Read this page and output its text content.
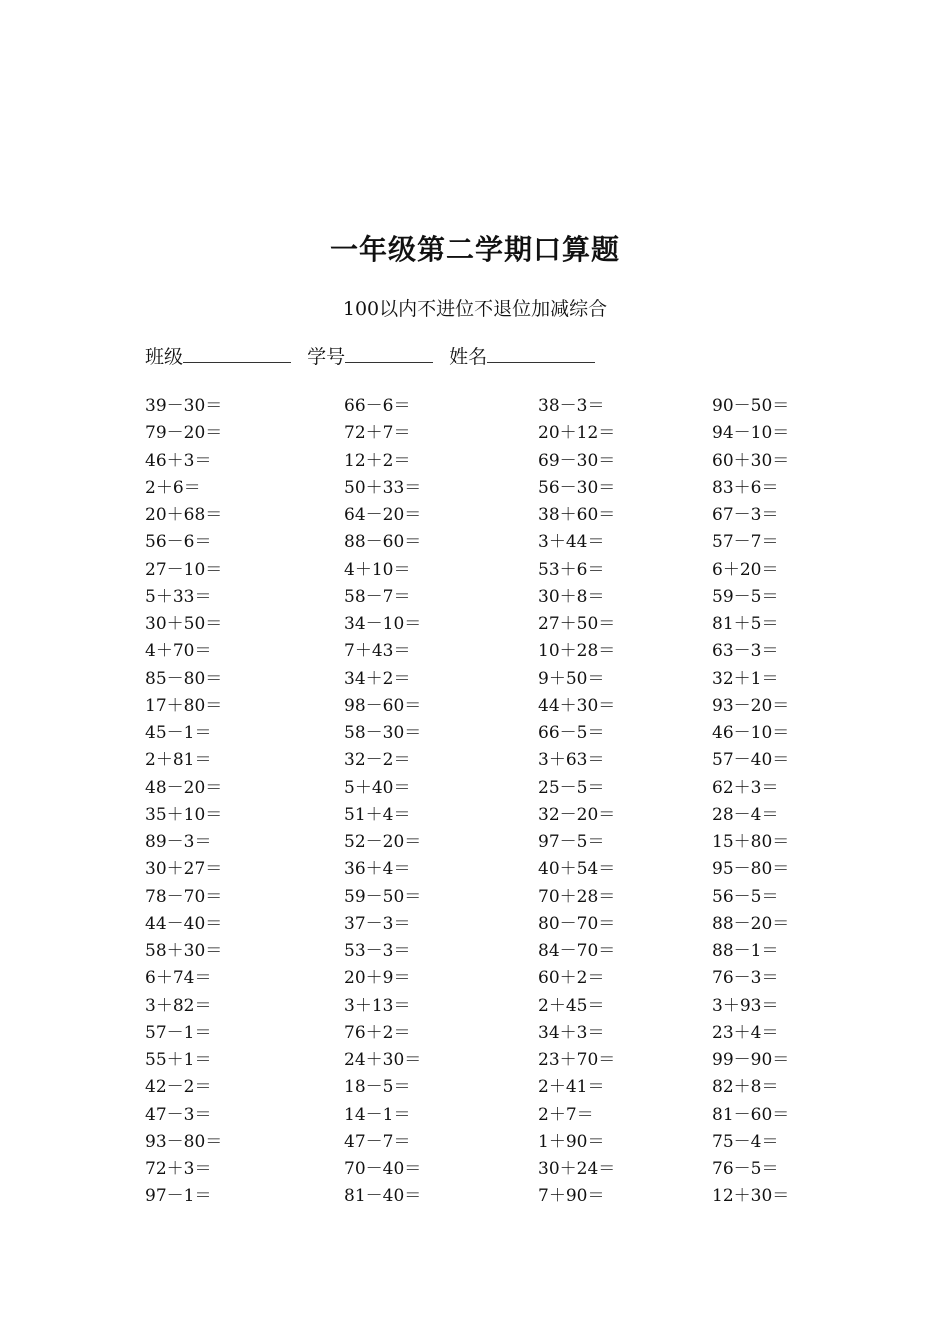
一年级第二学期口算题
100以内不进位不退位加减综合
班级	学号	姓名
39－30＝	66－6＝	38－3＝	90－50＝
79－20＝	72＋7＝	20＋12＝	94－10＝
46＋3＝	12＋2＝	69－30＝	60＋30＝
2＋6＝	50＋33＝	56－30＝	83＋6＝
20＋68＝	64－20＝	38＋60＝	67－3＝
56－6＝	88－60＝	3＋44＝	57－7＝
27－10＝	4＋10＝	53＋6＝	6＋20＝
5＋33＝	58－7＝	30＋8＝	59－5＝
30＋50＝	34－10＝	27＋50＝	81＋5＝
4＋70＝	7＋43＝	10＋28＝	63－3＝
85－80＝	34＋2＝	9＋50＝	32＋1＝
17＋80＝	98－60＝	44＋30＝	93－20＝
45－1＝	58－30＝	66－5＝	46－10＝
2＋81＝	32－2＝	3＋63＝	57－40＝
48－20＝	5＋40＝	25－5＝	62＋3＝
35＋10＝	51＋4＝	32－20＝	28－4＝
89－3＝	52－20＝	97－5＝	15＋80＝
30＋27＝	36＋4＝	40＋54＝	95－80＝
78－70＝	59－50＝	70＋28＝	56－5＝
44－40＝	37－3＝	80－70＝	88－20＝
58＋30＝	53－3＝	84－70＝	88－1＝
6＋74＝	20＋9＝	60＋2＝	76－3＝
3＋82＝	3＋13＝	2＋45＝	3＋93＝
57－1＝	76＋2＝	34＋3＝	23＋4＝
55＋1＝	24＋30＝	23＋70＝	99－90＝
42－2＝	18－5＝	2＋41＝	82＋8＝
47－3＝	14－1＝	2＋7＝	81－60＝
93－80＝	47－7＝	1＋90＝	75－4＝
72＋3＝	70－40＝	30＋24＝	76－5＝
97－1＝	81－40＝	7＋90＝	12＋30＝
